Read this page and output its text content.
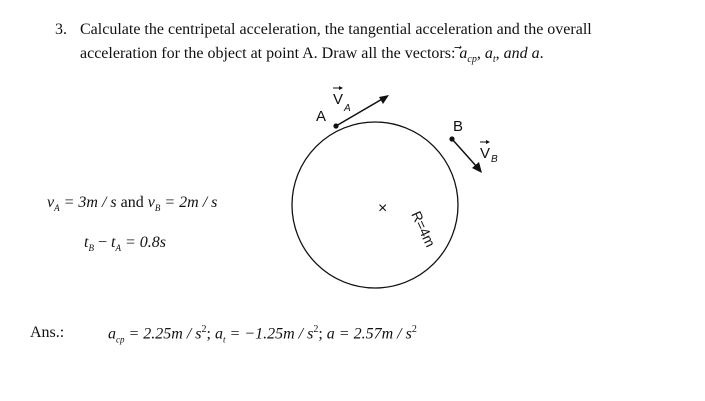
3. Calculate the centripetal acceleration, the tangential acceleration and the overall
acceleration for the object at point A. Draw all the vectors: $a_{cp}$, $a_t$, and a.
A
V
A
B
V B
×
R=4m
$v_A = 3m / s$ and $v_B = 2m / s$
$t_B - t_A = 0.8s$
Ans.:	$a_{cp} = 2.25m / s^2$; $a_t = -1.25m / s^2$; $a = 2.57m / s^2$
